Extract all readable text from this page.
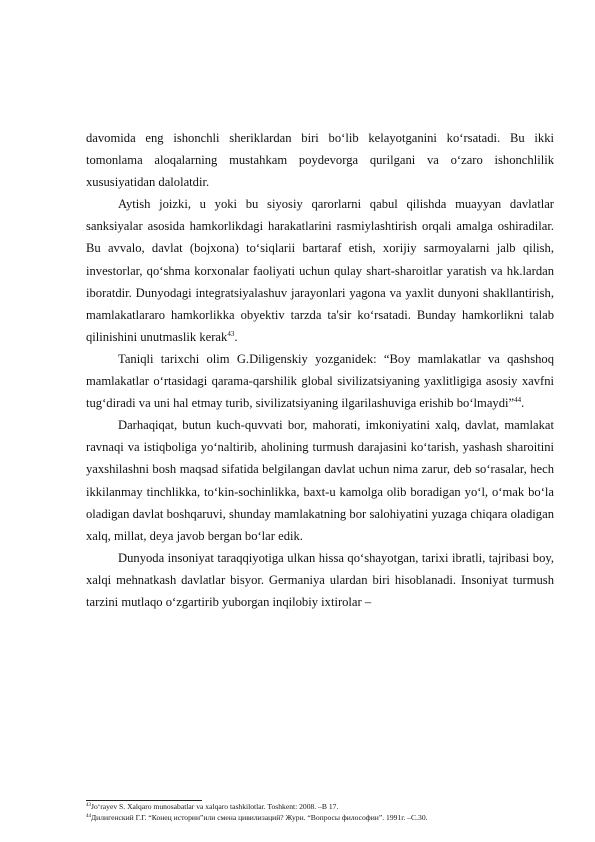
davomida eng ishonchli sheriklardan biri bo‘lib kelayotganini ko‘rsatadi. Bu ikki tomonlama aloqalarning mustahkam poydevorga qurilgani va o‘zaro ishonchlilik xususiyatidan dalolatdir.

Aytish joizki, u yoki bu siyosiy qarorlarni qabul qilishda muayyan davlatlar sanksiyalar asosida hamkorlikdagi harakatlarini rasmiylashtirish orqali amalga oshiradilar. Bu avvalo, davlat (bojxona) to‘siqlarii bartaraf etish, xorijiy sarmoyalarni jalb qilish, investorlar, qo‘shma korxonalar faoliyati uchun qulay shart-sharoitlar yaratish va hk.lardan iboratdir. Dunyodagi integratsiyalashuv jarayonlari yagona va yaxlit dunyoni shakllantirish, mamlakatlararo hamkorlikka obyektiv tarzda ta'sir ko‘rsatadi. Bunday hamkorlikni talab qilinishini unutmaslik kerak$^{43}$.

Taniqli tarixchi olim G.Diligenskiy yozganidek: “Boy mamlakatlar va qashshoq mamlakatlar o‘rtasidagi qarama-qarshilik global sivilizatsiyaning yaxlitligiga asosiy xavfni tug‘diradi va uni hal etmay turib, sivilizatsiyaning ilgarilashuviga erishib bo‘lmaydi”$^{44}$.

Darhaqiqat, butun kuch-quvvati bor, mahorati, imkoniyatini xalq, davlat, mamlakat ravnaqi va istiqboliga yo‘naltirib, aholining turmush darajasini ko‘tarish, yashash sharoitini yaxshilashni bosh maqsad sifatida belgilangan davlat uchun nima zarur, deb so‘rasalar, hech ikkilanmay tinchlikka, to‘kin-sochinlikka, baxt-u kamolga olib boradigan yo‘l, o‘mak bo‘la oladigan davlat boshqaruvi, shunday mamlakatning bor salohiyatini yuzaga chiqara oladigan xalq, millat, deya javob bergan bo‘lar edik.

Dunyoda insoniyat taraqqiyotiga ulkan hissa qo‘shayotgan, tarixi ibratli, tajribasi boy, xalqi mehnatkash davlatlar bisyor. Germaniya ulardan biri hisoblanadi. Insoniyat turmush tarzini mutlaqo o‘zgartirib yuborgan inqilobiy ixtirolar –

$^{43}$Jo‘rayev S. Xalqaro munosabatlar va xalqaro tashkilotlar. Toshkent: 2008. –B 17.

$^{44}$Дилигенский Г.Г. “Конец истории”или смена цивилизаций? Журн. “Вопросы философии”. 1991г. –С.30.
